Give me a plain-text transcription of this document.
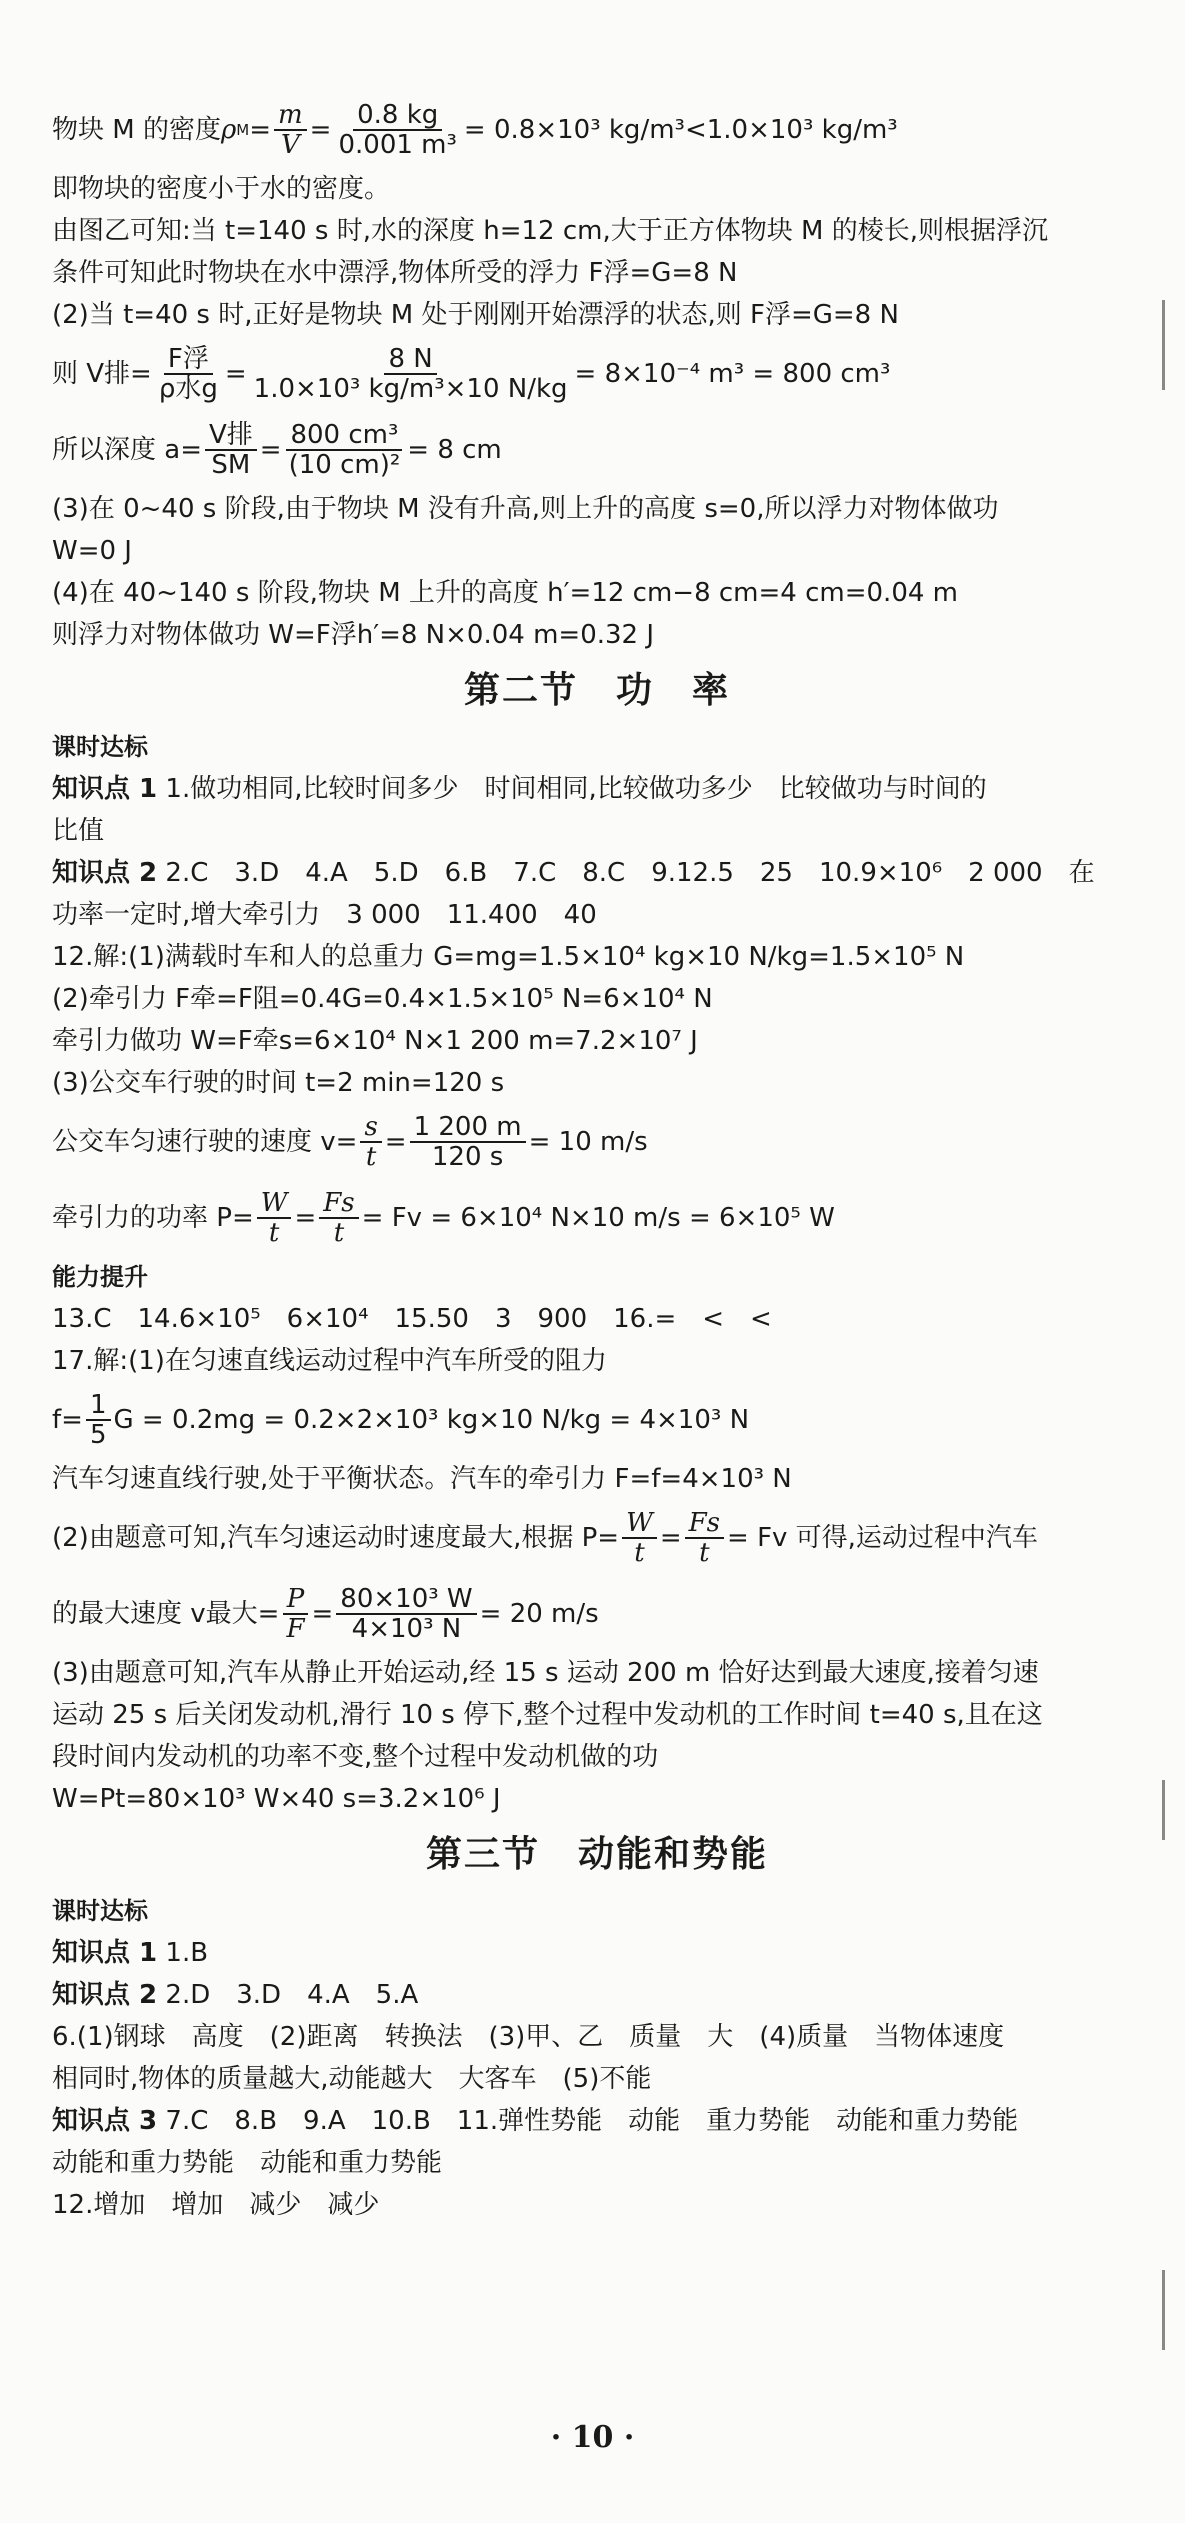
物块 M 的密度 ρ $M = \frac{m}{V} = \frac{0.8 kg}{\text{0.001 m³}} = 0.8\times 10^3$ kg/m³<1.0×10³ kg/m³
即物块的密度小于水的密度。
由图乙可知:当 t=140 s 时,水的深度 h=12 cm,大于正方体物块 M 的棱长,则根据浮沉
条件可知此时物块在水中漂浮,物体所受的浮力 F浮=G=8 N
(2)当 t=40 s 时,正好是物块 M 处于刚刚开始漂浮的状态,则 F浮=G=8 N
则 V排= $\frac{\text{F浮}}{\text{ρ水g}} = \frac{8 N}{\text{1.0×10³ kg/m³×10 N/kg}} = 8\times 10^{-4}$ m³ = 800 cm³
所以深度 $a= \frac{\text{V排}}{SM} = \frac{\text{800 cm³}}{\text{(10 cm)²}} = 8$ cm
(3)在 0~40 s 阶段,由于物块 M 没有升高,则上升的高度 s=0,所以浮力对物体做功
W=0 J
(4)在 40~140 s 阶段,物块 M 上升的高度 h′=12 cm−8 cm=4 cm=0.04 m
则浮力对物体做功 W=F浮h′=8 N×0.04 m=0.32 J
第二节　功　率
课时达标
知识点 1 1.做功相同,比较时间多少　时间相同,比较做功多少　比较做功与时间的
比值
知识点 2 2.C　3.D　4.A　5.D　6.B　7.C　8.C　9.12.5　25　10.9×10⁶　2 000　在
功率一定时,增大牵引力　3 000　11.400　40
12.解:(1)满载时车和人的总重力 G=mg=1.5×10⁴ kg×10 N/kg=1.5×10⁵ N
(2)牵引力 F牵=F阻=0.4G=0.4×1.5×10⁵ N=6×10⁴ N
牵引力做功 W=F牵s=6×10⁴ N×1 200 m=7.2×10⁷ J
(3)公交车行驶的时间 t=2 min=120 s
公交车匀速行驶的速度 $v= \frac{s}{t} = \frac{1 200 m}{120 s} = 10$ m/s
牵引力的功率 $P= \frac{W}{t} = \frac{Fs}{t} = Fv = 6\times 10^4$ N×10 m/s = 6×10⁵ W
能力提升
13.C　14.6×10⁵　6×10⁴　15.50　3　900　16.=　<　<
17.解:(1)在匀速直线运动过程中汽车所受的阻力
$f= \frac{1}{5}$ G = 0.2mg = 0.2×2×10³ kg×10 N/kg = 4×10³ N
汽车匀速直线行驶,处于平衡状态。汽车的牵引力 F=f=4×10³ N
(2)由题意可知,汽车匀速运动时速度最大,根据 $P= \frac{W}{t} = \frac{Fs}{t} = Fv$ 可得,运动过程中汽车
的最大速度 v最大= $\frac{P}{F} = \frac{\text{80×10³ W}}{\text{4×10³ N}} = 20$ m/s
(3)由题意可知,汽车从静止开始运动,经 15 s 运动 200 m 恰好达到最大速度,接着匀速
运动 25 s 后关闭发动机,滑行 10 s 停下,整个过程中发动机的工作时间 t=40 s,且在这
段时间内发动机的功率不变,整个过程中发动机做的功
W=Pt=80×10³ W×40 s=3.2×10⁶ J
第三节　动能和势能
课时达标
知识点 1 1.B
知识点 2 2.D　3.D　4.A　5.A
6.(1)钢球　高度　(2)距离　转换法　(3)甲、乙　质量　大　(4)质量　当物体速度
相同时,物体的质量越大,动能越大　大客车　(5)不能
知识点 3 7.C　8.B　9.A　10.B　11.弹性势能　动能　重力势能　动能和重力势能
动能和重力势能　动能和重力势能
12.增加　增加　减少　减少
· 10 ·
